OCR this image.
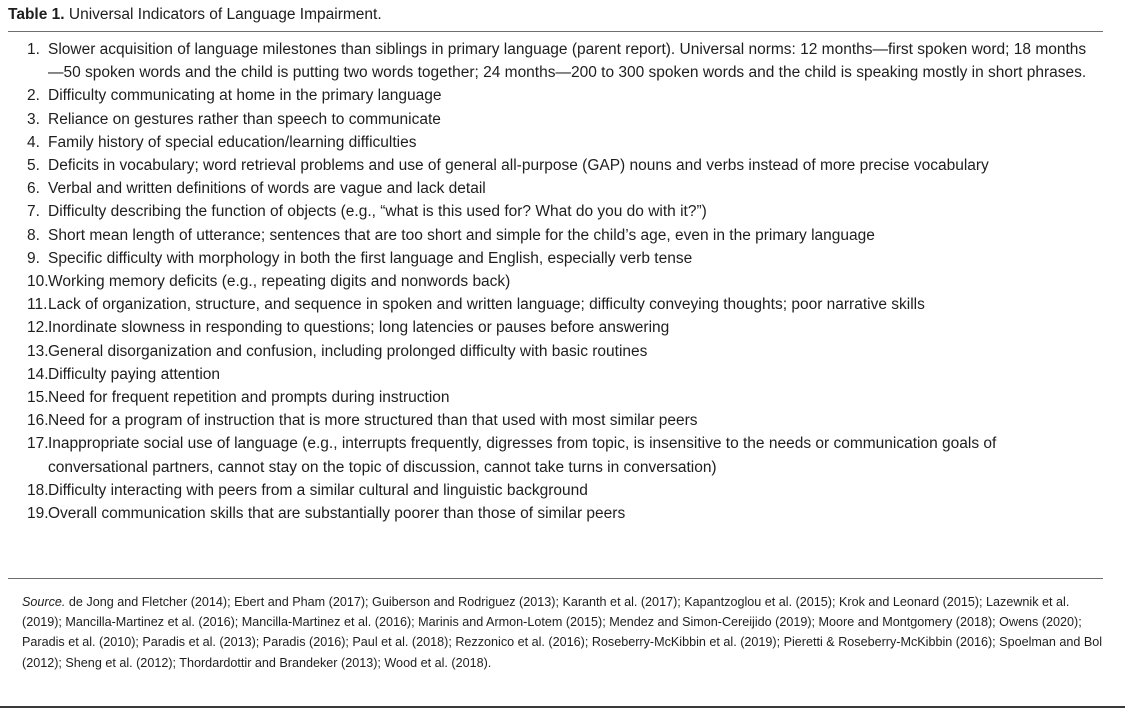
Table 1. Universal Indicators of Language Impairment.
1. Slower acquisition of language milestones than siblings in primary language (parent report). Universal norms: 12 months—first spoken word; 18 months—50 spoken words and the child is putting two words together; 24 months—200 to 300 spoken words and the child is speaking mostly in short phrases.
2. Difficulty communicating at home in the primary language
3. Reliance on gestures rather than speech to communicate
4. Family history of special education/learning difficulties
5. Deficits in vocabulary; word retrieval problems and use of general all-purpose (GAP) nouns and verbs instead of more precise vocabulary
6. Verbal and written definitions of words are vague and lack detail
7. Difficulty describing the function of objects (e.g., “what is this used for? What do you do with it?”)
8. Short mean length of utterance; sentences that are too short and simple for the child’s age, even in the primary language
9. Specific difficulty with morphology in both the first language and English, especially verb tense
10. Working memory deficits (e.g., repeating digits and nonwords back)
11. Lack of organization, structure, and sequence in spoken and written language; difficulty conveying thoughts; poor narrative skills
12. Inordinate slowness in responding to questions; long latencies or pauses before answering
13. General disorganization and confusion, including prolonged difficulty with basic routines
14. Difficulty paying attention
15. Need for frequent repetition and prompts during instruction
16. Need for a program of instruction that is more structured than that used with most similar peers
17. Inappropriate social use of language (e.g., interrupts frequently, digresses from topic, is insensitive to the needs or communication goals of conversational partners, cannot stay on the topic of discussion, cannot take turns in conversation)
18. Difficulty interacting with peers from a similar cultural and linguistic background
19. Overall communication skills that are substantially poorer than those of similar peers
Source. de Jong and Fletcher (2014); Ebert and Pham (2017); Guiberson and Rodriguez (2013); Karanth et al. (2017); Kapantzoglou et al. (2015); Krok and Leonard (2015); Lazewnik et al. (2019); Mancilla-Martinez et al. (2016); Mancilla-Martinez et al. (2016); Marinis and Armon-Lotem (2015); Mendez and Simon-Cereijido (2019); Moore and Montgomery (2018); Owens (2020); Paradis et al. (2010); Paradis et al. (2013); Paradis (2016); Paul et al. (2018); Rezzonico et al. (2016); Roseberry-McKibbin et al. (2019); Pieretti & Roseberry-McKibbin (2016); Spoelman and Bol (2012); Sheng et al. (2012); Thordardottir and Brandeker (2013); Wood et al. (2018).
